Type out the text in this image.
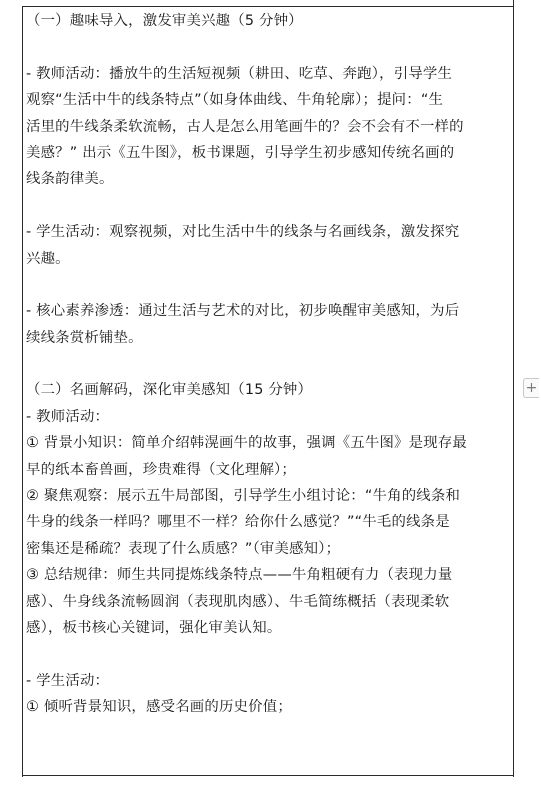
（一）趣味导入，激发审美兴趣（5 分钟）
- 教师活动：播放牛的生活短视频（耕田、吃草、奔跑），引导学生
观察“生活中牛的线条特点”（如身体曲线、牛角轮廓）；提问：“生
活里的牛线条柔软流畅，古人是怎么用笔画牛的？会不会有不一样的
美感？” 出示《五牛图》，板书课题，引导学生初步感知传统名画的
线条韵律美。
- 学生活动：观察视频，对比生活中牛的线条与名画线条，激发探究
兴趣。
- 核心素养渗透：通过生活与艺术的对比，初步唤醒审美感知，为后
续线条赏析铺垫。
（二）名画解码，深化审美感知（15 分钟）
- 教师活动：
① 背景小知识：简单介绍韩滉画牛的故事，强调《五牛图》是现存最
早的纸本畜兽画，珍贵难得（文化理解）；
② 聚焦观察：展示五牛局部图，引导学生小组讨论：“牛角的线条和
牛身的线条一样吗？哪里不一样？给你什么感觉？”“牛毛的线条是
密集还是稀疏？表现了什么质感？”（审美感知）；
③ 总结规律：师生共同提炼线条特点——牛角粗硬有力（表现力量
感）、牛身线条流畅圆润（表现肌肉感）、牛毛简练概括（表现柔软
感），板书核心关键词，强化审美认知。
- 学生活动：
① 倾听背景知识，感受名画的历史价值；
+
